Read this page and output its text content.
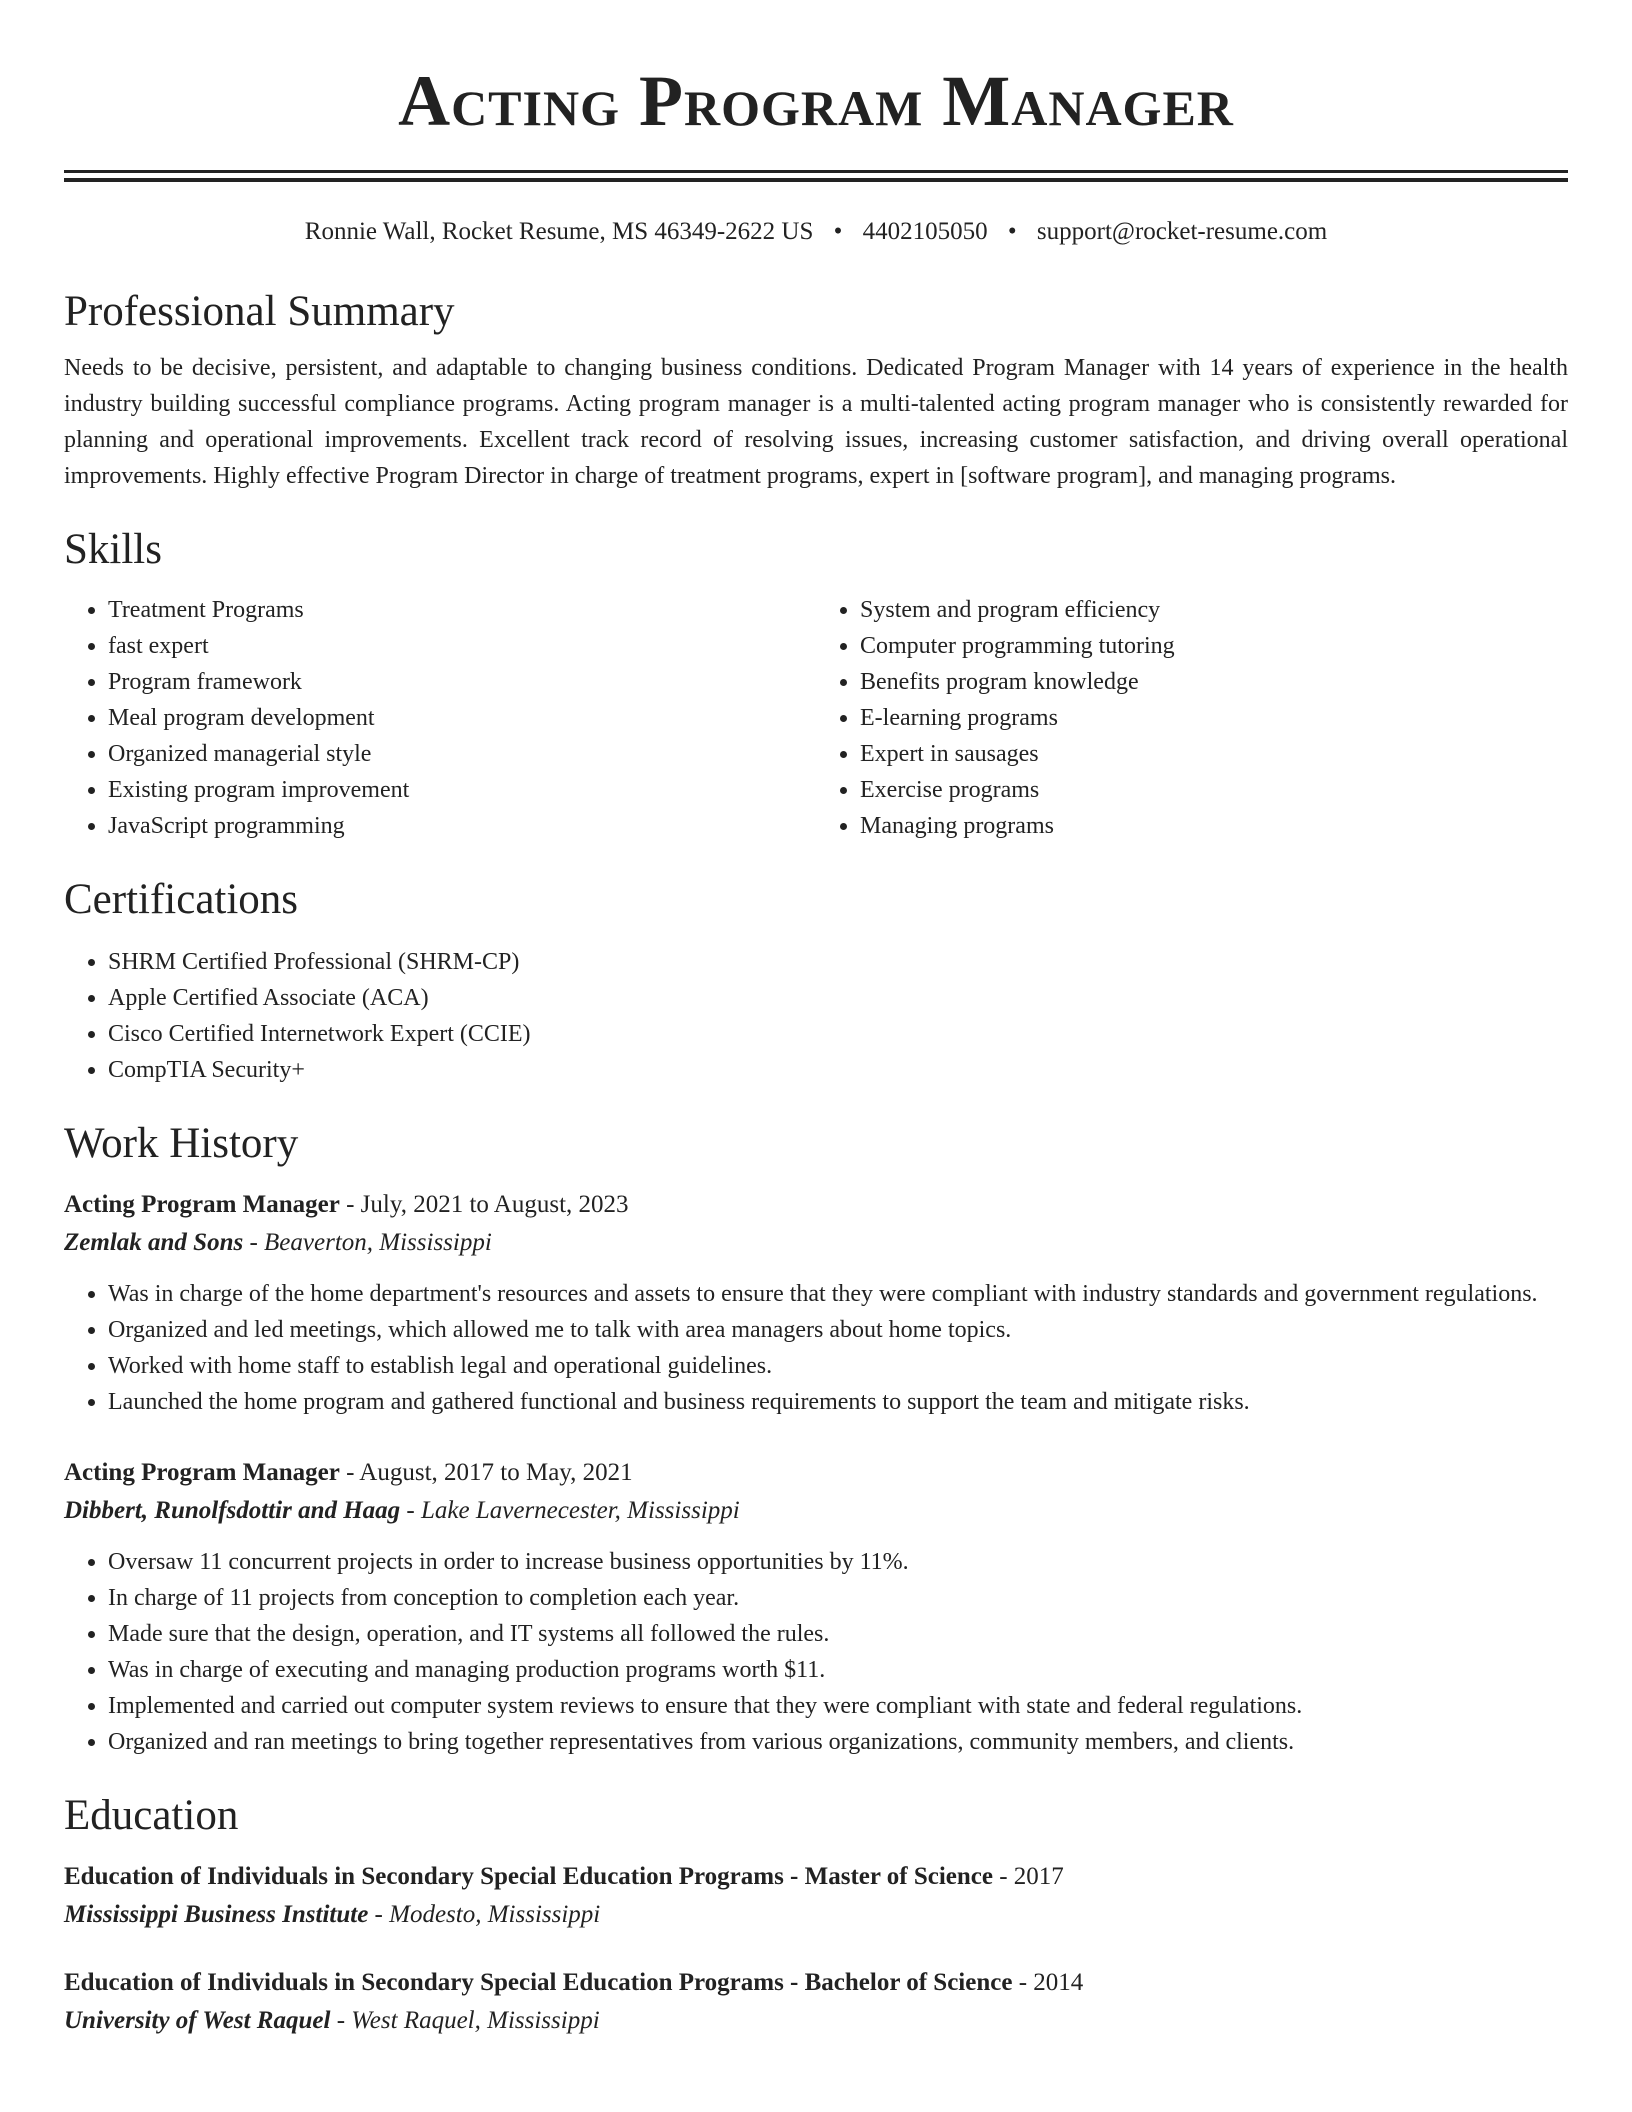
Acting Program Manager
Ronnie Wall, Rocket Resume, MS 46349-2622 US • 4402105050 • support@rocket-resume.com
Professional Summary

Needs to be decisive, persistent, and adaptable to changing business conditions. Dedicated Program Manager with 14 years of experience in the health industry building successful compliance programs. Acting program manager is a multi-talented acting program manager who is consistently rewarded for planning and operational improvements. Excellent track record of resolving issues, increasing customer satisfaction, and driving overall operational improvements. Highly effective Program Director in charge of treatment programs, expert in [software program], and managing programs.

Skills
• Treatment Programs
• fast expert
• Program framework
• Meal program development
• Organized managerial style
• Existing program improvement
• JavaScript programming
• System and program efficiency
• Computer programming tutoring
• Benefits program knowledge
• E-learning programs
• Expert in sausages
• Exercise programs
• Managing programs
Certifications
• SHRM Certified Professional (SHRM-CP)
• Apple Certified Associate (ACA)
• Cisco Certified Internetwork Expert (CCIE)
• CompTIA Security+
Work History
Acting Program Manager - July, 2021 to August, 2023
Zemlak and Sons - Beaverton, Mississippi
• Was in charge of the home department's resources and assets to ensure that they were compliant with industry standards and government regulations.
• Organized and led meetings, which allowed me to talk with area managers about home topics.
• Worked with home staff to establish legal and operational guidelines.
• Launched the home program and gathered functional and business requirements to support the team and mitigate risks.
Acting Program Manager - August, 2017 to May, 2021
Dibbert, Runolfsdottir and Haag - Lake Lavernecester, Mississippi
• Oversaw 11 concurrent projects in order to increase business opportunities by 11%.
• In charge of 11 projects from conception to completion each year.
• Made sure that the design, operation, and IT systems all followed the rules.
• Was in charge of executing and managing production programs worth $11.
• Implemented and carried out computer system reviews to ensure that they were compliant with state and federal regulations.
• Organized and ran meetings to bring together representatives from various organizations, community members, and clients.
Education
Education of Individuals in Secondary Special Education Programs - Master of Science - 2017
Mississippi Business Institute - Modesto, Mississippi
Education of Individuals in Secondary Special Education Programs - Bachelor of Science - 2014
University of West Raquel - West Raquel, Mississippi
